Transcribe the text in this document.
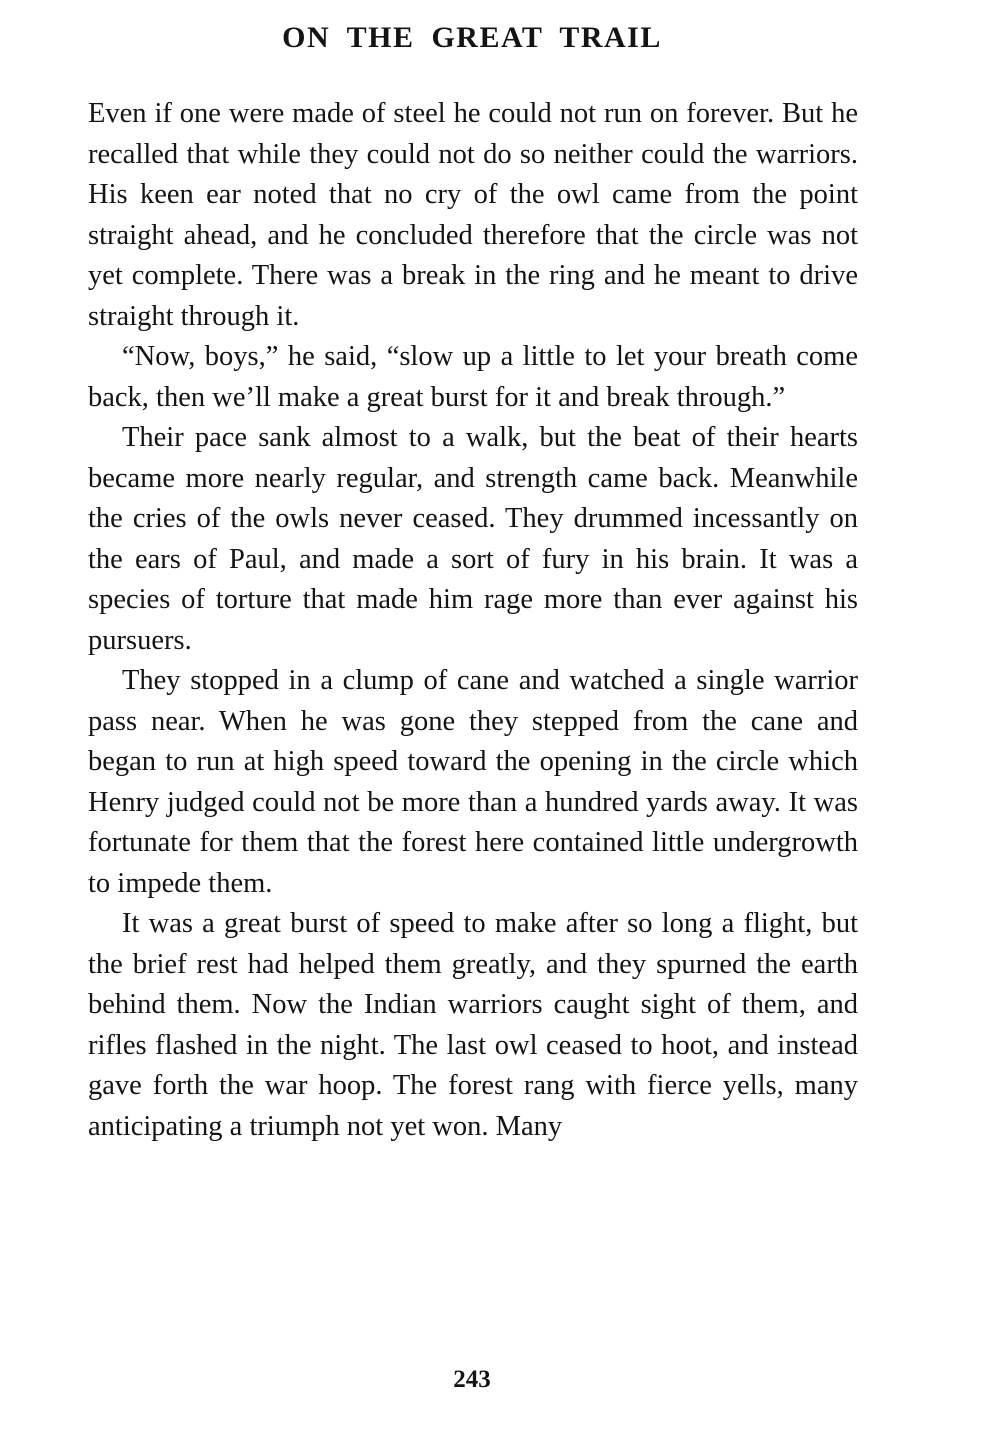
ON THE GREAT TRAIL

Even if one were made of steel he could not run on forever. But he recalled that while they could not do so neither could the warriors. His keen ear noted that no cry of the owl came from the point straight ahead, and he concluded therefore that the circle was not yet complete. There was a break in the ring and he meant to drive straight through it.

“Now, boys,” he said, “slow up a little to let your breath come back, then we’ll make a great burst for it and break through.”

Their pace sank almost to a walk, but the beat of their hearts became more nearly regular, and strength came back. Meanwhile the cries of the owls never ceased. They drummed incessantly on the ears of Paul, and made a sort of fury in his brain. It was a species of torture that made him rage more than ever against his pursuers.

They stopped in a clump of cane and watched a single warrior pass near. When he was gone they stepped from the cane and began to run at high speed toward the opening in the circle which Henry judged could not be more than a hundred yards away. It was fortunate for them that the forest here contained little undergrowth to impede them.

It was a great burst of speed to make after so long a flight, but the brief rest had helped them greatly, and they spurned the earth behind them. Now the Indian warriors caught sight of them, and rifles flashed in the night. The last owl ceased to hoot, and instead gave forth the war hoop. The forest rang with fierce yells, many anticipating a triumph not yet won. Many

243
